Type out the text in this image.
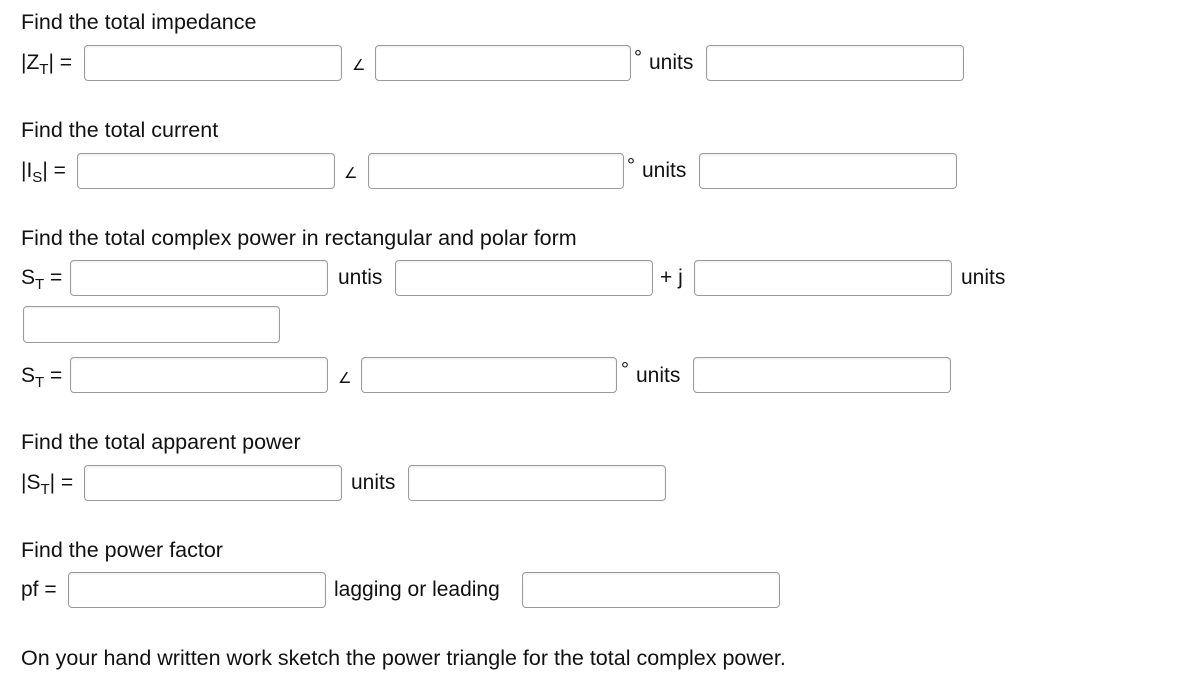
Find the total impedance
$|Z_T|$ =	∠	° units
Find the total current
$|I_S|$ =	∠	° units
Find the total complex power in rectangular and polar form
$S_T$ =	untis	+ j	units
$S_T$ =	∠	° units
Find the total apparent power
$|S_T|$ =	units
Find the power factor
pf =	lagging or leading
On your hand written work sketch the power triangle for the total complex power.
